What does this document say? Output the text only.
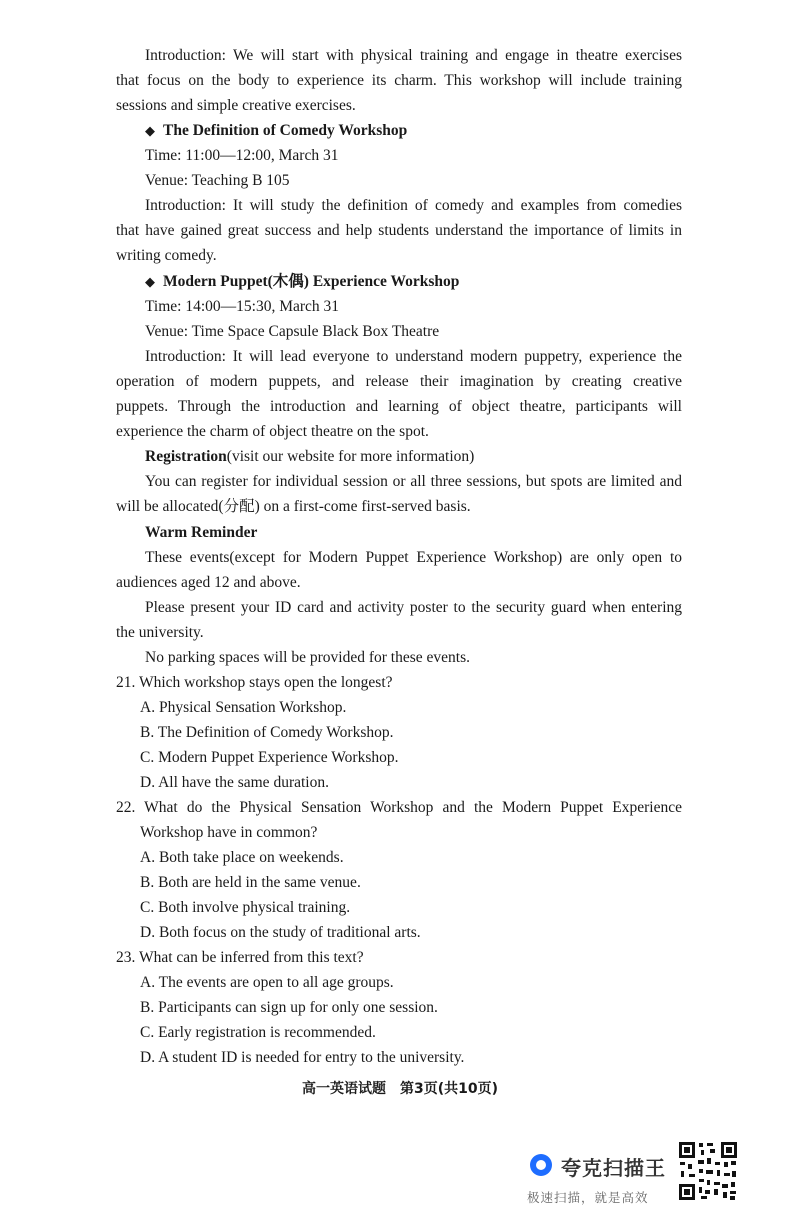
Introduction: We will start with physical training and engage in theatre exercises
that focus on the body to experience its charm. This workshop will include training
sessions and simple creative exercises.
◆ The Definition of Comedy Workshop
Time: 11:00—12:00, March 31
Venue: Teaching B 105
Introduction: It will study the definition of comedy and examples from comedies
that have gained great success and help students understand the importance of limits in
writing comedy.
◆ Modern Puppet(木偶) Experience Workshop
Time: 14:00—15:30, March 31
Venue: Time Space Capsule Black Box Theatre
Introduction: It will lead everyone to understand modern puppetry, experience the
operation of modern puppets, and release their imagination by creating creative
puppets. Through the introduction and learning of object theatre, participants will
experience the charm of object theatre on the spot.
Registration(visit our website for more information)
You can register for individual session or all three sessions, but spots are limited and
will be allocated(分配) on a first-come first-served basis.
Warm Reminder
These events(except for Modern Puppet Experience Workshop) are only open to
audiences aged 12 and above.
Please present your ID card and activity poster to the security guard when entering
the university.
No parking spaces will be provided for these events.
21. Which workshop stays open the longest?
A. Physical Sensation Workshop.
B. The Definition of Comedy Workshop.
C. Modern Puppet Experience Workshop.
D. All have the same duration.
22. What do the Physical Sensation Workshop and the Modern Puppet Experience
Workshop have in common?
A. Both take place on weekends.
B. Both are held in the same venue.
C. Both involve physical training.
D. Both focus on the study of traditional arts.
23. What can be inferred from this text?
A. The events are open to all age groups.
B. Participants can sign up for only one session.
C. Early registration is recommended.
D. A student ID is needed for entry to the university.
高一英语试题　第3页(共10页)
夸克扫描王
极速扫描，就是高效
